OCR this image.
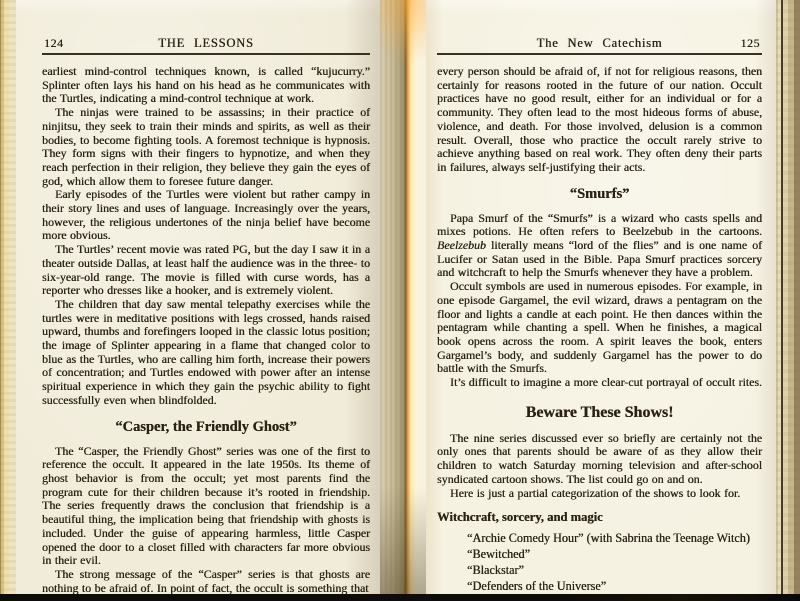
124	THE LESSONS

earliest mind-control techniques known, is called “kujucurry.” Splinter often lays his hand on his head as he communicates with the Turtles, indicating a mind-control technique at work.

The ninjas were trained to be assassins; in their practice of ninjitsu, they seek to train their minds and spirits, as well as their bodies, to become fighting tools. A foremost technique is hypnosis. They form signs with their fingers to hypnotize, and when they reach perfection in their religion, they believe they gain the eyes of god, which allow them to foresee future danger.

Early episodes of the Turtles were violent but rather campy in their story lines and uses of language. Increasingly over the years, however, the religious undertones of the ninja belief have become more obvious.

The Turtles’ recent movie was rated PG, but the day I saw it in a theater outside Dallas, at least half the audience was in the three- to six-year-old range. The movie is filled with curse words, has a reporter who dresses like a hooker, and is extremely violent.

The children that day saw mental telepathy exercises while the turtles were in meditative positions with legs crossed, hands raised upward, thumbs and forefingers looped in the classic lotus position; the image of Splinter appearing in a flame that changed color to blue as the Turtles, who are calling him forth, increase their powers of concentration; and Turtles endowed with power after an intense spiritual experience in which they gain the psychic ability to fight successfully even when blindfolded.

“Casper, the Friendly Ghost”

The “Casper, the Friendly Ghost” series was one of the first to reference the occult. It appeared in the late 1950s. Its theme of ghost behavior is from the occult; yet most parents find the program cute for their children because it’s rooted in friendship. The series frequently draws the conclusion that friendship is a beautiful thing, the implication being that friendship with ghosts is included. Under the guise of appearing harmless, little Casper opened the door to a closet filled with characters far more obvious in their evil.

The strong message of the “Casper” series is that ghosts are nothing to be afraid of. In point of fact, the occult is something that

The New Catechism	125

every person should be afraid of, if not for religious reasons, then certainly for reasons rooted in the future of our nation. Occult practices have no good result, either for an individual or for a community. They often lead to the most hideous forms of abuse, violence, and death. For those involved, delusion is a common result. Overall, those who practice the occult rarely strive to achieve anything based on real work. They often deny their parts in failures, always self-justifying their acts.

“Smurfs”

Papa Smurf of the “Smurfs” is a wizard who casts spells and mixes potions. He often refers to Beelzebub in the cartoons. Beelzebub literally means “lord of the flies” and is one name of Lucifer or Satan used in the Bible. Papa Smurf practices sorcery and witchcraft to help the Smurfs whenever they have a problem.

Occult symbols are used in numerous episodes. For example, in one episode Gargamel, the evil wizard, draws a pentagram on the floor and lights a candle at each point. He then dances within the pentagram while chanting a spell. When he finishes, a magical book opens across the room. A spirit leaves the book, enters Gargamel’s body, and suddenly Gargamel has the power to do battle with the Smurfs.

It’s difficult to imagine a more clear-cut portrayal of occult rites.

Beware These Shows!

The nine series discussed ever so briefly are certainly not the only ones that parents should be aware of as they allow their children to watch Saturday morning television and after-school syndicated cartoon shows. The list could go on and on.

Here is just a partial categorization of the shows to look for.

Witchcraft, sorcery, and magic
“Archie Comedy Hour” (with Sabrina the Teenage Witch)
“Bewitched”
“Blackstar”
“Defenders of the Universe”
